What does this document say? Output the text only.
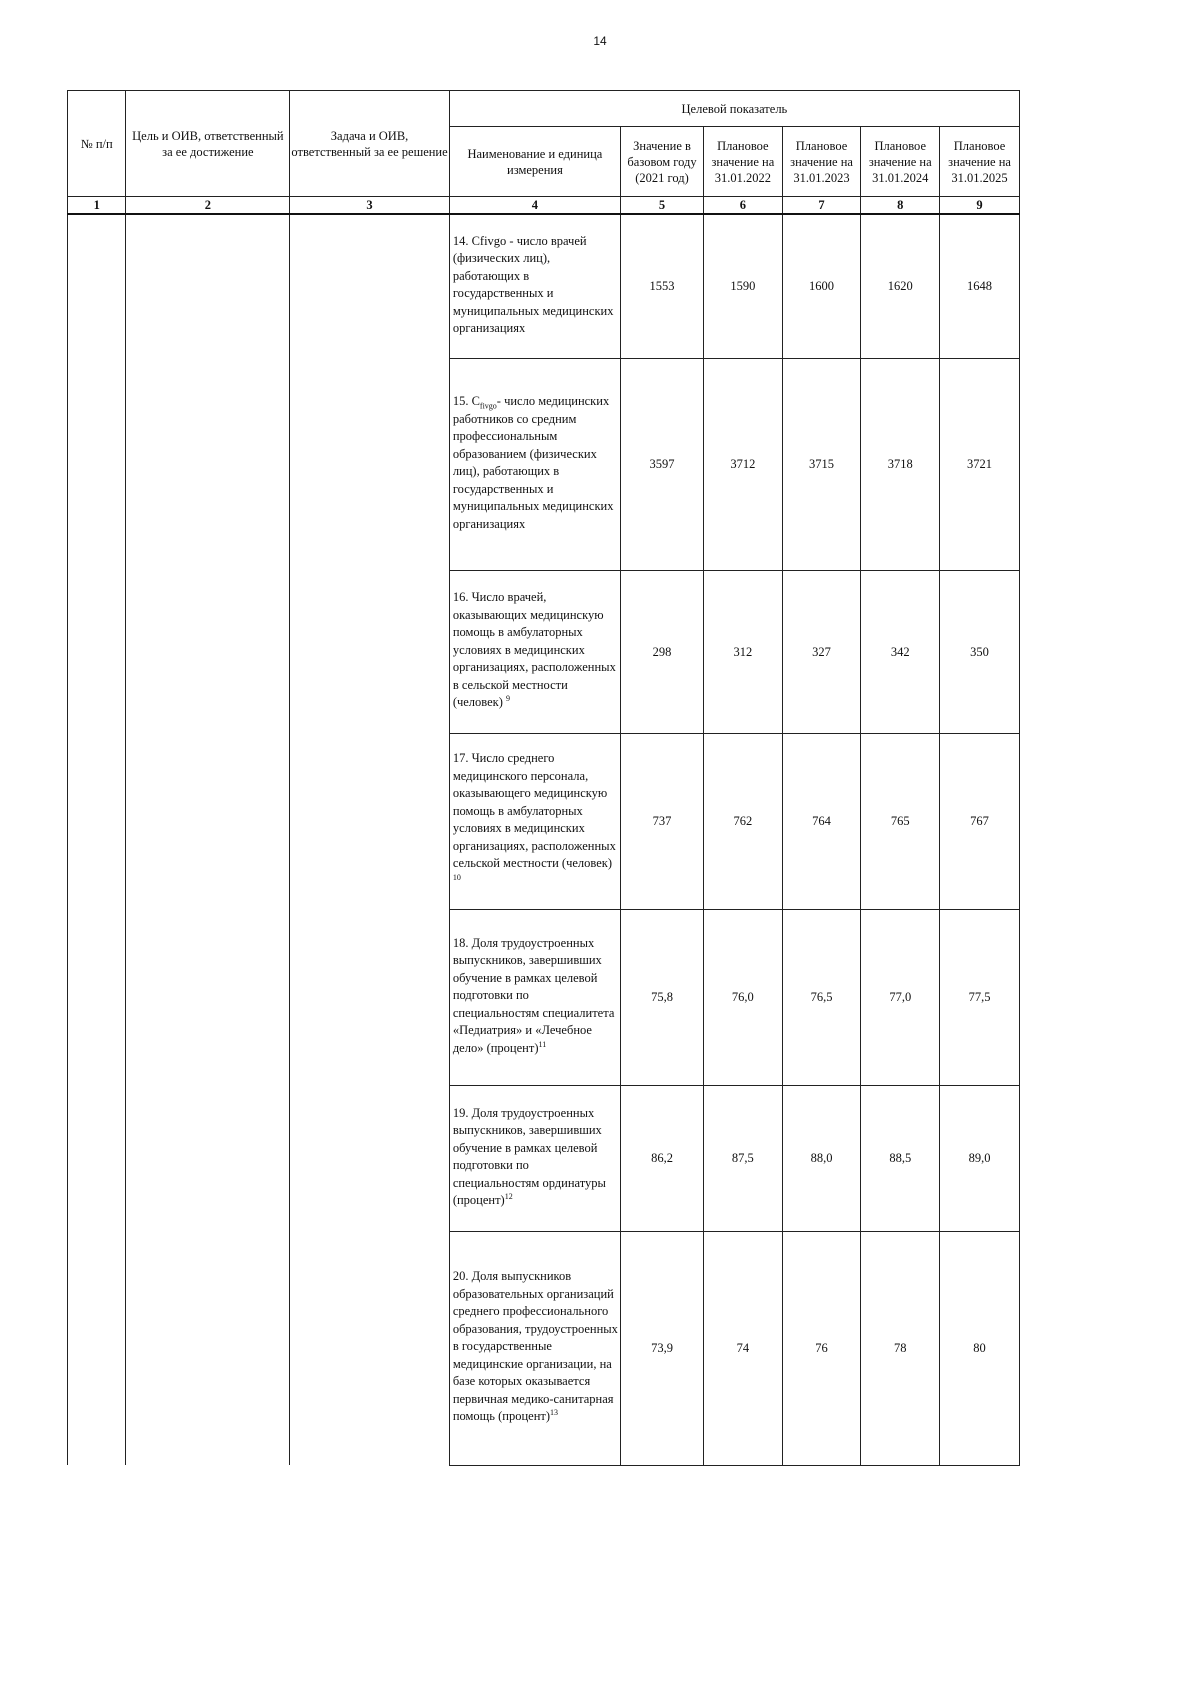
14
№ п/п	Цель и ОИВ, ответственный за ее достижение	Задача и ОИВ, ответственный за ее решение	Целевой показатель					
			Наименование и единица измерения	Значение в базовом году (2021 год)	Плановое значение на 31.01.2022	Плановое значение на 31.01.2023	Плановое значение на 31.01.2024	Плановое значение на 31.01.2025
1	2	3	4	5	6	7	8	9
			14. Cfivgo - число врачей (физических лиц), работающих в государственных и муниципальных медицинских организациях	1553	1590	1600	1620	1648
			15. $C_{fivgo}-$ число медицинских работников со средним профессиональным образованием (физических лиц), работающих в государственных и муниципальных медицинских организациях	3597	3712	3715	3718	3721
			16. Число врачей, оказывающих медицинскую помощь в амбулаторных условиях в медицинских организациях, расположенных в сельской местности (человек) $^9$	298	312	327	342	350
			17. Число среднего медицинского персонала, оказывающего медицинскую помощь в амбулаторных условиях в медицинских организациях, расположенных сельской местности (человек) $^{10}$	737	762	764	765	767
			18. Доля трудоустроенных выпускников, завершивших обучение в рамках целевой подготовки по специальностям специалитета «Педиатрия» и «Лечебное дело» (процент)$^{11}$	75,8	76,0	76,5	77,0	77,5
			19. Доля трудоустроенных выпускников, завершивших обучение в рамках целевой подготовки по специальностям ординатуры (процент)$^{12}$	86,2	87,5	88,0	88,5	89,0
			20. Доля выпускников образовательных организаций среднего профессионального образования, трудоустроенных в государственные медицинские организации, на базе которых оказывается первичная медико-санитарная помощь (процент)$^{13}$	73,9	74	76	78	80
